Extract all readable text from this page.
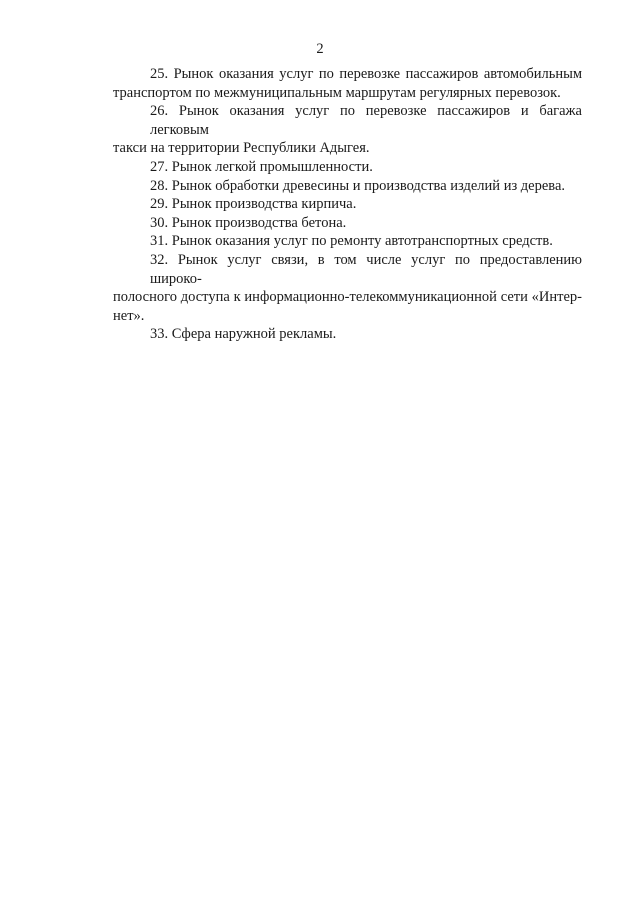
2
25. Рынок оказания услуг по перевозке пассажиров автомобильным
транспортом по межмуниципальным маршрутам регулярных перевозок.
26. Рынок оказания услуг по перевозке пассажиров и багажа легковым
такси на территории Республики Адыгея.
27. Рынок легкой промышленности.
28. Рынок обработки древесины и производства изделий из дерева.
29. Рынок производства кирпича.
30. Рынок производства бетона.
31. Рынок оказания услуг по ремонту автотранспортных средств.
32. Рынок услуг связи, в том числе услуг по предоставлению широко-
полосного доступа к информационно-телекоммуникационной сети «Интер-
нет».
33. Сфера наружной рекламы.
